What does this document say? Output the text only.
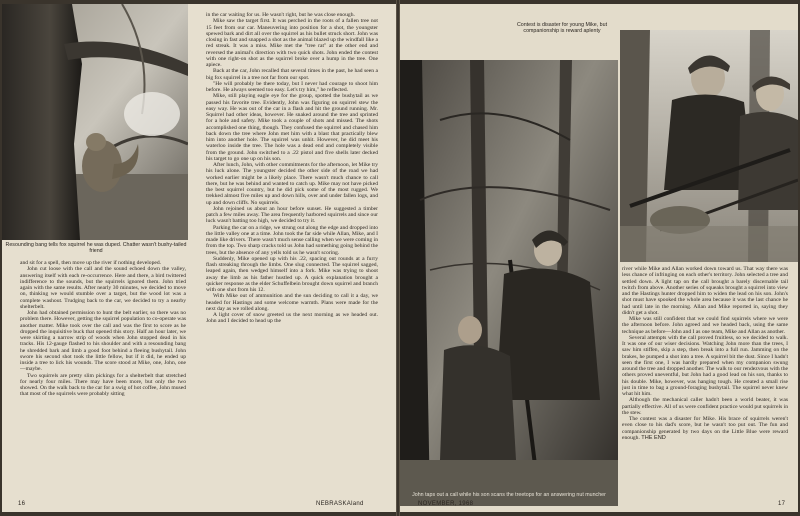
Resounding bang tells fox squirrel he was duped. Chatter wasn't bushy-tailed friend

and sit for a spell, then move up the river if nothing developed.

John cut loose with the call and the sound echoed down the valley, answering itself with each re-occurrence. Here and there, a bird twittered indifference to the sounds, but the squirrels ignored them. John tried again with the same results. After nearly 30 minutes, we decided to move on, thinking we would stumble over a target, but the wood lot was a complete washout. Trudging back to the car, we decided to try a nearby shelterbelt.

John had obtained permission to hunt the belt earlier, so there was no problem there. However, getting the squirrel population to co-operate was another matter. Mike took over the call and was the first to score as he dropped the inquisitive buck that opened this story. Half an hour later, we were skirting a narrow strip of woods when John stopped dead in his tracks. His 12-gauge flashed to his shoulder and with a resounding bang he shredded bark and limb a good foot behind a fleeing bushytail. John swore his second shot took the little fellow, but if it did, he ended up inside a tree to lick his wounds. The score stood at Mike, one, John, one—maybe.

Two squirrels are pretty slim pickings for a shelterbelt that stretched for nearly four miles. There may have been more, but only the two showed. On the walk back to the car for a swig of hot coffee, John mused that most of the squirrels were probably sitting

in the car waiting for us. He wasn't right, but he was close enough.

Mike saw the target first. It was perched in the roots of a fallen tree not 15 feet from our car. Maneuvering into position for a shot, the youngster spewed bark and dirt all over the squirrel as his bullet struck short. John was closing in fast and snapped a shot as the animal blazed up the windfall like a red streak. It was a miss. Mike met the "tree rat" at the other end and reversed the animal's direction with two quick shots. John ended the contest with one right-on shot as the squirrel broke over a hump in the tree. One apiece.

Back at the car, John recalled that several times in the past, he had seen a big fox squirrel in a tree not far from our spot.

"He will probably be there today, but I never had courage to shoot him before. He always seemed too easy. Let's try him," he reflected.

Mike, still playing eagle eye for the group, spotted the bushytail as we passed his favorite tree. Evidently, John was figuring on squirrel stew the easy way. He was out of the car in a flash and hit the ground running. Mr. Squirrel had other ideas, however. He snaked around the tree and sprinted for a hole and safety. Mike took a couple of shots and missed. The shots accomplished one thing, though. They confused the squirrel and chased him back down the tree where John met him with a blast that practically blew him into another hole. The squirrel was unhit. However, he did meet his waterloo inside the tree. The hole was a dead end and completely visible from the ground. John switched to a .22 pistol and five shells later decked his target to go one up on his son.

After lunch, John, with other commitments for the afternoon, let Mike try his luck alone. The youngster decided the other side of the road we had worked earlier might be a likely place. There wasn't much chance to call there, but he was behind and wanted to catch up. Mike may not have picked the best squirrel country, but he did pick some of the most rugged. We trekked almost five miles up and down hills, over and under fallen logs, and up and down cliffs. No squirrels.

John rejoined us about an hour before sunset. He suggested a timber patch a few miles away. The area frequently harbored squirrels and since our luck wasn't batting too high, we decided to try it.

Parking the car on a ridge, we strung out along the edge and dropped into the little valley one at a time. John took the far side while Allan, Mike, and I made like drivers. There wasn't much sense calling when we were coming in from the top. Two sharp cracks told us John had something going behind the trees, but the absence of any yells told us he wasn't scoring.

Suddenly, Mike opened up with his .22, spacing out rounds at a furry flash streaking through the limbs. One slug connected. The squirrel sagged, leaped again, then wedged himself into a fork. Mike was trying to shoot away the limb as his father hustled up. A quick explanation brought a quicker response as the elder Schuffelbein brought down squirrel and branch with one shot from his 12.

With Mike out of ammunition and the sun deciding to call it a day, we headed for Hastings and some welcome warmth. Plans were made for the next day as we rolled along.

A light cover of snow greeted us the next morning as we headed out. John and I decided to head up the

16	NEBRASKAland
Contest is disaster for young Mike, but companionship is reward aplenty
John taps out a call while his son scans the treetops for an answering nut muncher

river while Mike and Allan worked down toward us. That way there was less chance of infringing on each other's territory. John selected a tree and settled down. A light tap on the call brought a barely discernable tail twitch from above. Another series of squeaks brought a squirrel into view and the Hastings hunter dropped him to widen the lead on his son. John's shot must have spooked the whole area because it was the last chance he had until late in the morning. Allan and Mike reported in, saying they didn't get a shot.

Mike was still confident that we could find squirrels where we were the afternoon before. John agreed and we headed back, using the same technique as before—John and I as one team, Mike and Allan as another.

Several attempts with the call proved fruitless, so we decided to walk. It was one of our wiser decisions. Watching John more than the trees, I saw him stiffen, skip a step, then break into a full run. Jamming on the brakes, he pumped a shot into a tree. A squirrel bit the dust. Since I hadn't seen the first one, I was hardly prepared when my companion swung around the tree and dropped another. The walk to our rendezvous with the others proved uneventful, but John had a good lead on his son, thanks to his double. Mike, however, was hanging tough. He created a small rise just in time to bag a ground-foraging bushytail. The squirrel never knew what hit him.

Although the mechanical caller hadn't been a world beater, it was partially effective. All of us were confident practice would put squirrels in the stew.

The contest was a disaster for Mike. His brace of squirrels weren't even close to his dad's score, but he wasn't too put out. The fun and companionship generated by two days on the Little Blue were reward enough. THE END

NOVEMBER, 1968	17
